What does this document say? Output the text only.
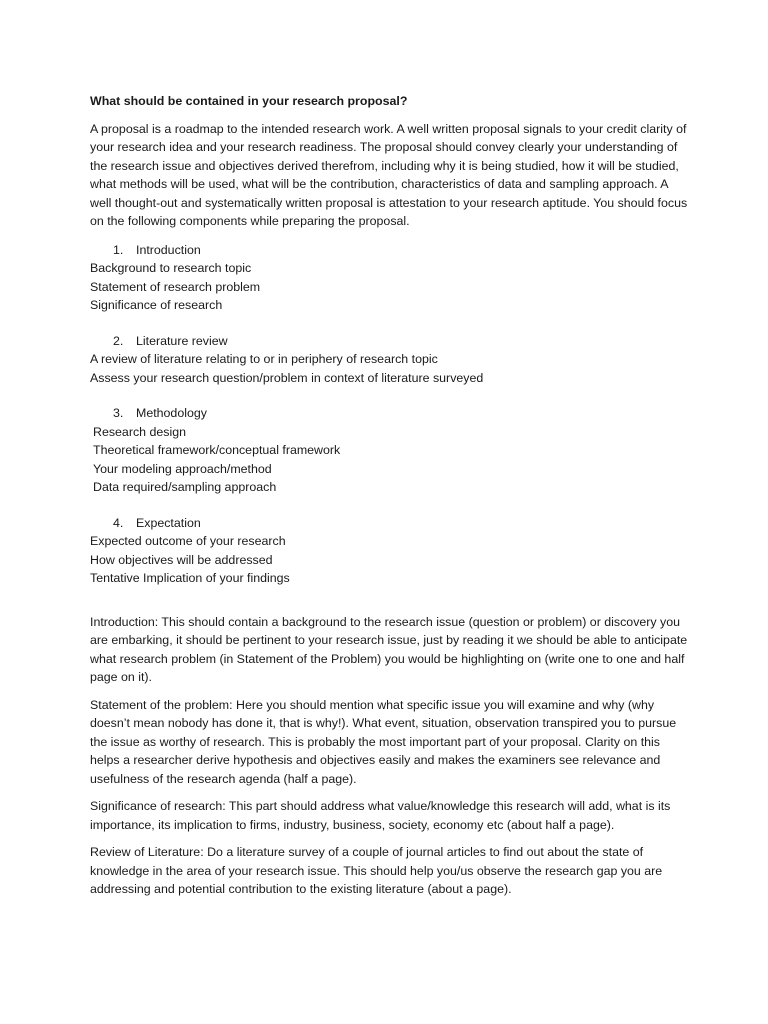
What should be contained in your research proposal?
A proposal is a roadmap to the intended research work. A well written proposal signals to your credit clarity of your research idea and your research readiness. The proposal should convey clearly your understanding of the research issue and objectives derived therefrom, including why it is being studied, how it will be studied, what methods will be used, what will be the contribution, characteristics of data and sampling approach. A well thought-out and systematically written proposal is attestation to your research aptitude. You should focus on the following components while preparing the proposal.
1.	Introduction
Background to research topic
Statement of research problem
Significance of research
2.	Literature review
A review of literature relating to or in periphery of research topic
Assess your research question/problem in context of literature surveyed
3.	Methodology
Research design
Theoretical framework/conceptual framework
Your modeling approach/method
Data required/sampling approach
4.	Expectation
Expected outcome of your research
How objectives will be addressed
Tentative Implication of your findings
Introduction: This should contain a background to the research issue (question or problem) or discovery you are embarking, it should be pertinent to your research issue, just by reading it we should be able to anticipate what research problem (in Statement of the Problem) you would be highlighting on (write one to one and half page on it).
Statement of the problem: Here you should mention what specific issue you will examine and why (why doesn’t mean nobody has done it, that is why!). What event, situation, observation transpired you to pursue the issue as worthy of research. This is probably the most important part of your proposal. Clarity on this helps a researcher derive hypothesis and objectives easily and makes the examiners see relevance and usefulness of the research agenda (half a page).
Significance of research: This part should address what value/knowledge this research will add, what is its importance, its implication to firms, industry, business, society, economy etc (about half a page).
Review of Literature: Do a literature survey of a couple of journal articles to find out about the state of knowledge in the area of your research issue. This should help you/us observe the research gap you are addressing and potential contribution to the existing literature (about a page).
